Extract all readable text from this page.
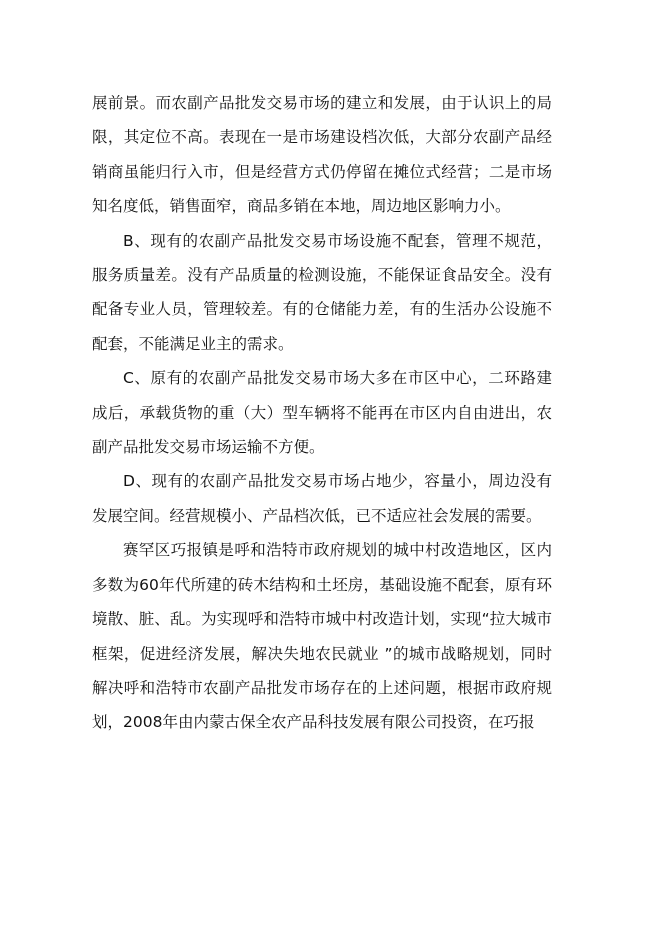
展前景。而农副产品批发交易市场的建立和发展，由于认识上的局限，其定位不高。表现在一是市场建设档次低，大部分农副产品经销商虽能归行入市，但是经营方式仍停留在摊位式经营；二是市场知名度低，销售面窄，商品多销在本地，周边地区影响力小。

B、现有的农副产品批发交易市场设施不配套，管理不规范，服务质量差。没有产品质量的检测设施，不能保证食品安全。没有配备专业人员，管理较差。有的仓储能力差，有的生活办公设施不配套，不能满足业主的需求。

C、原有的农副产品批发交易市场大多在市区中心，二环路建成后，承载货物的重（大）型车辆将不能再在市区内自由进出，农副产品批发交易市场运输不方便。

D、现有的农副产品批发交易市场占地少，容量小，周边没有发展空间。经营规模小、产品档次低，已不适应社会发展的需要。

赛罕区巧报镇是呼和浩特市政府规划的城中村改造地区，区内多数为60年代所建的砖木结构和土坯房，基础设施不配套，原有环境散、脏、乱。为实现呼和浩特市城中村改造计划，实现“拉大城市框架，促进经济发展，解决失地农民就业 ”的城市战略规划，同时解决呼和浩特市农副产品批发市场存在的上述问题，根据市政府规划，2008年由内蒙古保全农产品科技发展有限公司投资，在巧报
